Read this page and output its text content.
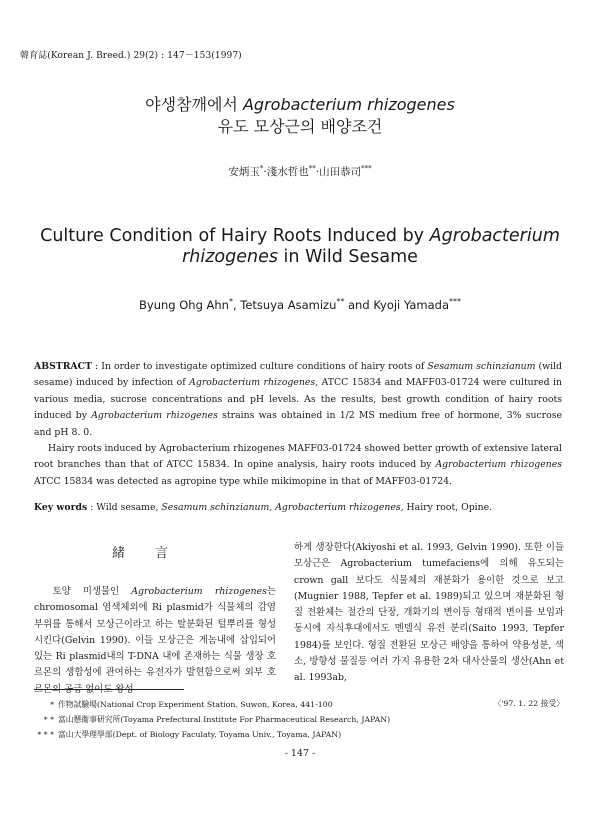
韓育誌(Korean J. Breed.) 29(2) : 147－153(1997)
야생참깨에서 Agrobacterium rhizogenes
유도 모상근의 배양조건
安炳玉*·淺水哲也**·山田恭司***
Culture Condition of Hairy Roots Induced by Agrobacterium
rhizogenes in Wild Sesame
Byung Ohg Ahn*, Tetsuya Asamizu** and Kyoji Yamada***

ABSTRACT : In order to investigate optimized culture conditions of hairy roots of Sesamum schinzianum (wild sesame) induced by infection of Agrobacterium rhizogenes, ATCC 15834 and MAFF03-01724 were cultured in various media, sucrose concentrations and pH levels. As the results, best growth condition of hairy roots induced by Agrobacterium rhizogenes strains was obtained in 1/2 MS medium free of hormone, 3% sucrose and pH 8. 0.

Hairy roots induced by Agrobacterium rhizogenes MAFF03-01724 showed better growth of extensive lateral root branches than that of ATCC 15834. In opine analysis, hairy roots induced by Agrobacterium rhizogenes ATCC 15834 was detected as agropine type while mikimopine in that of MAFF03-01724.

Key words : Wild sesame, Sesamum schinzianum, Agrobacterium rhizogenes, Hairy root, Opine.
緒言

　토양 미생물인 Agrobacterium rhizogenes는 chromosomal 염색체외에 Ri plasmid가 식물체의 감염부위를 통해서 모상근이라고 하는 탈분화된 털뿌리를 형성시킨다(Gelvin 1990). 이들 모상근은 게놈내에 삽입되어 있는 Ri plasmid내의 T-DNA 내에 존재하는 식물 생장 호르몬의 생합성에 관여하는 유전자가 발현함으로써 외부 호르몬의 공급 없이도 왕성

하게 생장한다(Akiyoshi et al. 1993, Gelvin 1990). 또한 이들 모상근은 Agrobacterium tumefaciens에 의해 유도되는 crown gall 보다도 식물체의 재분화가 용이한 것으로 보고(Mugnier 1988, Tepfer et al. 1989)되고 있으며 재분화된 형질 전환체는 절간의 단장, 개화기의 변이등 형태적 변이를 보임과 동시에 자식후대에서도 멘델식 유전 분리(Saito 1993, Tepfer 1984)를 보인다. 형질 전환된 모상근 배양을 통하여 약용성분, 색소, 방향성 물질등 여러 가지 유용한 2차 대사산물의 생산(Ahn et al. 1993ab,

* 作物試驗場(National Crop Experiment Station, Suwon, Korea, 441-100
* * 富山懸衞事研究所(Toyama Prefectural Institute For Pharmaceutical Research, JAPAN)
* * * 富山大學理學部(Dept. of Biology Faculaty, Toyama Univ., Toyama, JAPAN)
〈'97. 1. 22 接受〉
- 147 -
